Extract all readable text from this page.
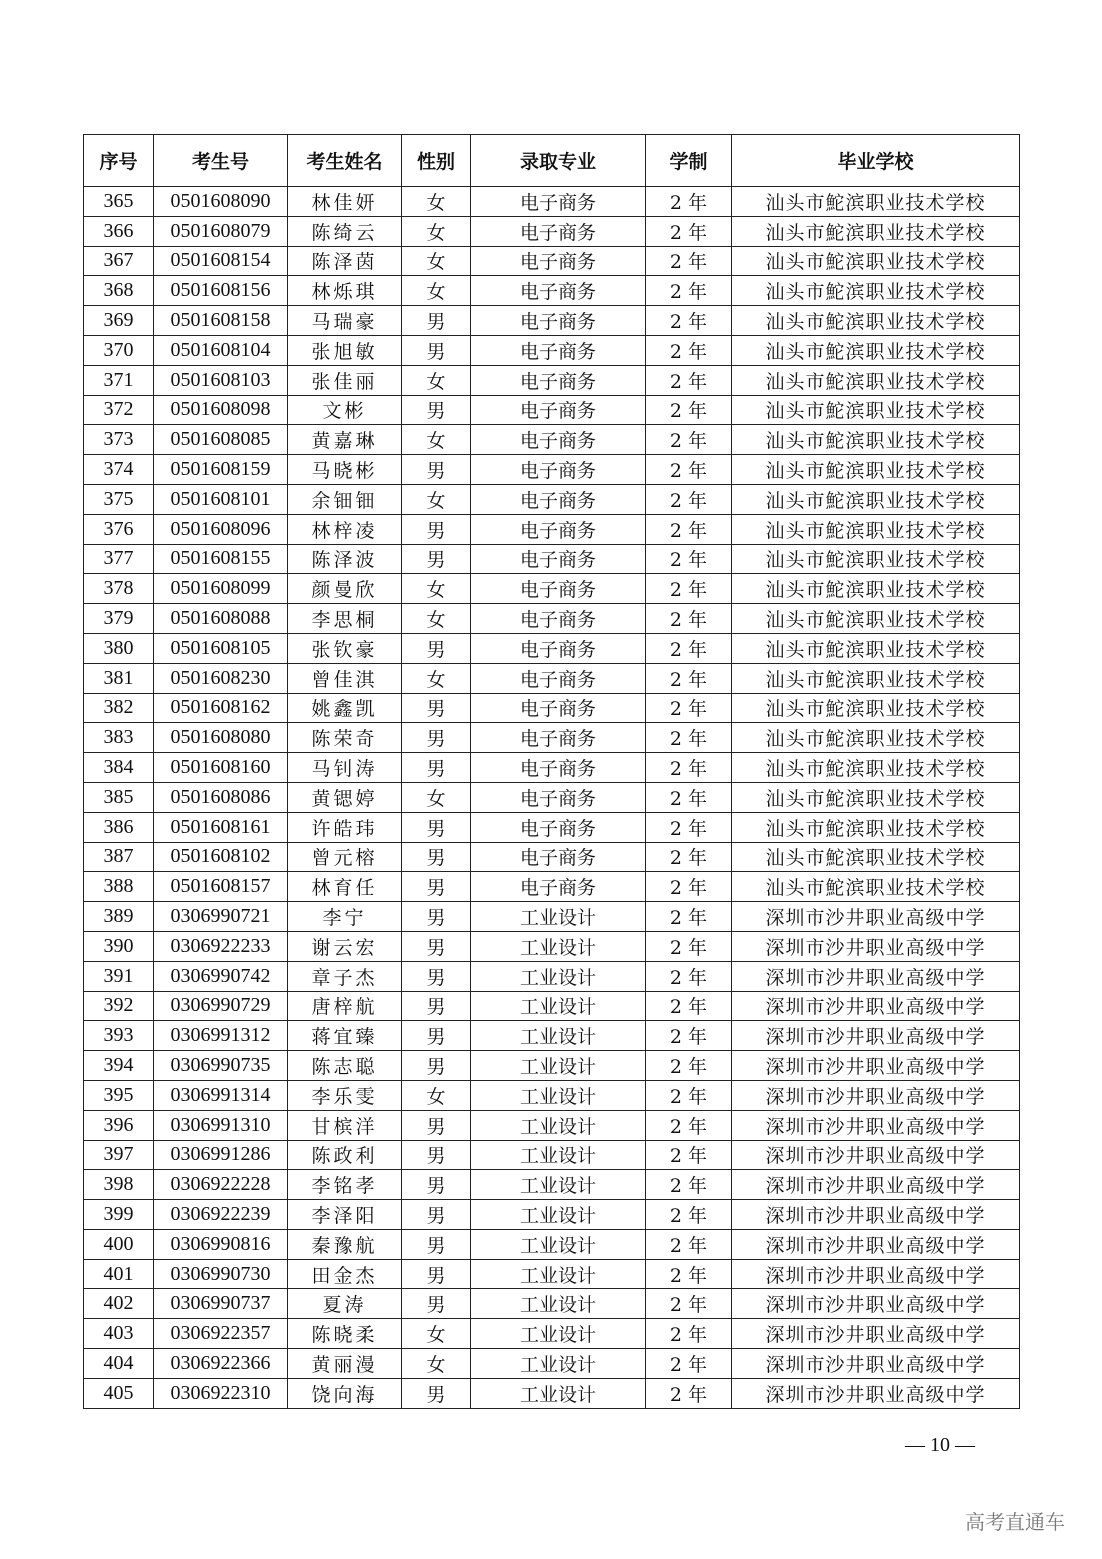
序号	考生号	考生姓名	性别	录取专业	学制	毕业学校
365	0501608090	林佳妍	女	电子商务	2 年	汕头市鮀滨职业技术学校
366	0501608079	陈绮云	女	电子商务	2 年	汕头市鮀滨职业技术学校
367	0501608154	陈泽茵	女	电子商务	2 年	汕头市鮀滨职业技术学校
368	0501608156	林烁琪	女	电子商务	2 年	汕头市鮀滨职业技术学校
369	0501608158	马瑞豪	男	电子商务	2 年	汕头市鮀滨职业技术学校
370	0501608104	张旭敏	男	电子商务	2 年	汕头市鮀滨职业技术学校
371	0501608103	张佳丽	女	电子商务	2 年	汕头市鮀滨职业技术学校
372	0501608098	文彬	男	电子商务	2 年	汕头市鮀滨职业技术学校
373	0501608085	黄嘉琳	女	电子商务	2 年	汕头市鮀滨职业技术学校
374	0501608159	马晓彬	男	电子商务	2 年	汕头市鮀滨职业技术学校
375	0501608101	余钿钿	女	电子商务	2 年	汕头市鮀滨职业技术学校
376	0501608096	林梓凌	男	电子商务	2 年	汕头市鮀滨职业技术学校
377	0501608155	陈泽波	男	电子商务	2 年	汕头市鮀滨职业技术学校
378	0501608099	颜曼欣	女	电子商务	2 年	汕头市鮀滨职业技术学校
379	0501608088	李思桐	女	电子商务	2 年	汕头市鮀滨职业技术学校
380	0501608105	张钦豪	男	电子商务	2 年	汕头市鮀滨职业技术学校
381	0501608230	曾佳淇	女	电子商务	2 年	汕头市鮀滨职业技术学校
382	0501608162	姚鑫凯	男	电子商务	2 年	汕头市鮀滨职业技术学校
383	0501608080	陈荣奇	男	电子商务	2 年	汕头市鮀滨职业技术学校
384	0501608160	马钊涛	男	电子商务	2 年	汕头市鮀滨职业技术学校
385	0501608086	黄锶婷	女	电子商务	2 年	汕头市鮀滨职业技术学校
386	0501608161	许皓玮	男	电子商务	2 年	汕头市鮀滨职业技术学校
387	0501608102	曾元榕	男	电子商务	2 年	汕头市鮀滨职业技术学校
388	0501608157	林育任	男	电子商务	2 年	汕头市鮀滨职业技术学校
389	0306990721	李宁	男	工业设计	2 年	深圳市沙井职业高级中学
390	0306922233	谢云宏	男	工业设计	2 年	深圳市沙井职业高级中学
391	0306990742	章子杰	男	工业设计	2 年	深圳市沙井职业高级中学
392	0306990729	唐梓航	男	工业设计	2 年	深圳市沙井职业高级中学
393	0306991312	蒋宜臻	男	工业设计	2 年	深圳市沙井职业高级中学
394	0306990735	陈志聪	男	工业设计	2 年	深圳市沙井职业高级中学
395	0306991314	李乐雯	女	工业设计	2 年	深圳市沙井职业高级中学
396	0306991310	甘槟洋	男	工业设计	2 年	深圳市沙井职业高级中学
397	0306991286	陈政利	男	工业设计	2 年	深圳市沙井职业高级中学
398	0306922228	李铭孝	男	工业设计	2 年	深圳市沙井职业高级中学
399	0306922239	李泽阳	男	工业设计	2 年	深圳市沙井职业高级中学
400	0306990816	秦豫航	男	工业设计	2 年	深圳市沙井职业高级中学
401	0306990730	田金杰	男	工业设计	2 年	深圳市沙井职业高级中学
402	0306990737	夏涛	男	工业设计	2 年	深圳市沙井职业高级中学
403	0306922357	陈晓柔	女	工业设计	2 年	深圳市沙井职业高级中学
404	0306922366	黄丽漫	女	工业设计	2 年	深圳市沙井职业高级中学
405	0306922310	饶向海	男	工业设计	2 年	深圳市沙井职业高级中学
— 10 —
高考直通车
